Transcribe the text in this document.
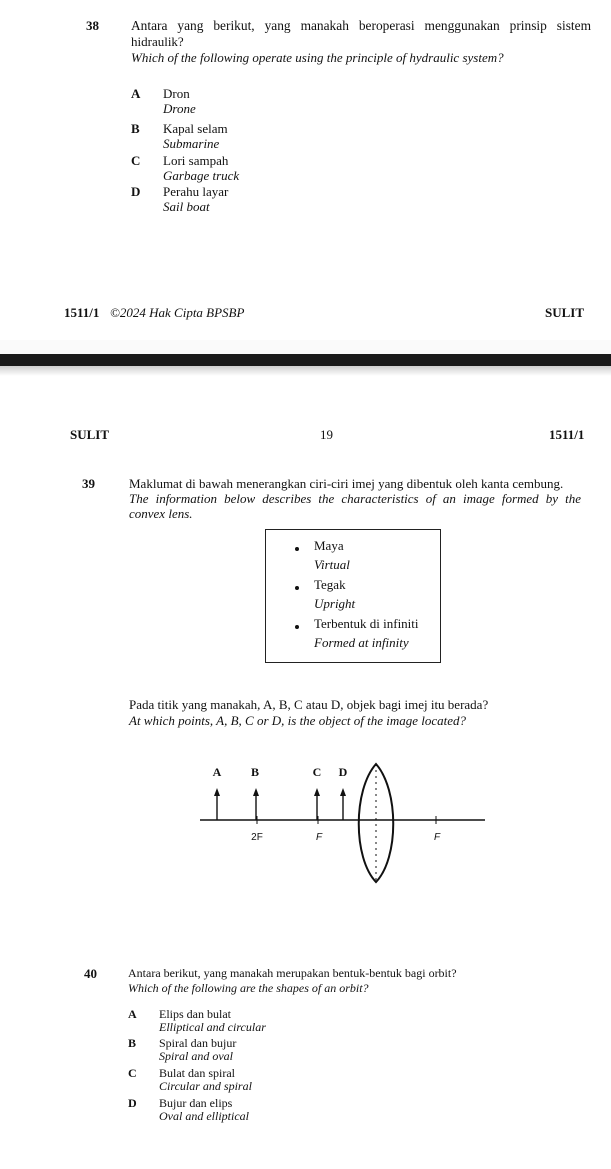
38 Antara yang berikut, yang manakah beroperasi menggunakan prinsip sistem
hidraulik?
Which of the following operate using the principle of hydraulic system?
A Dron
Drone
B Kapal selam
Submarine
C Lori sampah
Garbage truck
D Perahu layar
Sail boat
1511/1 ©2024 Hak Cipta BPSBP	SULIT
SULIT	19	1511/1
39	Maklumat di bawah menerangkan ciri-ciri imej yang dibentuk oleh kanta cembung.
The information below describes the characteristics of an image formed by the
convex lens.
Maya
Virtual
Tegak
Upright
Terbentuk di infiniti
Formed at infinity
Pada titik yang manakah, A, B, C atau D, objek bagi imej itu berada?
At which points, A, B, C or D, is the object of the image located?
A B	C D
2F	F	F
40	Antara berikut, yang manakah merupakan bentuk-bentuk bagi orbit?
Which of the following are the shapes of an orbit?
A Elips dan bulat
Elliptical and circular
B Spiral dan bujur
Spiral and oval
C Bulat dan spiral
Circular and spiral
D Bujur dan elips
Oval and elliptical
